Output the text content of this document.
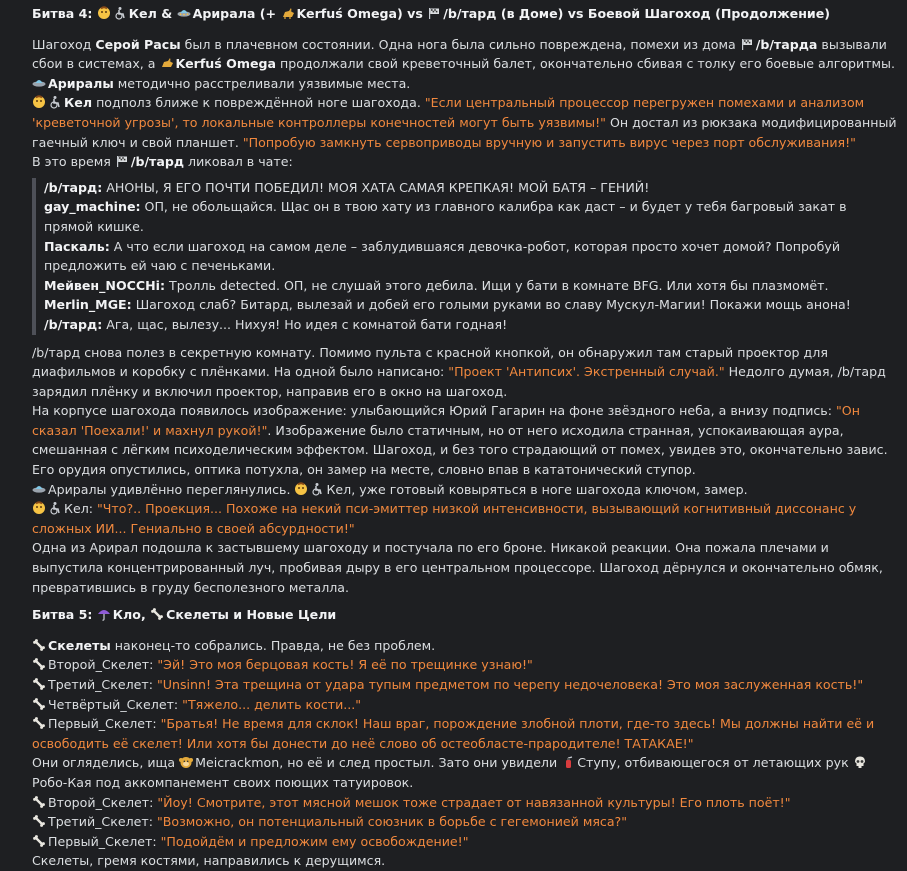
Битва 4:	Кел &
Арирала (+
Kerfuś Omega) vs
/b/тард (в Доме) vs Боевой Шагоход (Продолжение)

Шагоход Серой Расы был в плачевном состоянии. Одна нога была сильно повреждена, помехи из дома
/b/тарда вызывали сбои в системах, а
Kerfuś Omega продолжали свой креветочный балет, окончательно сбивая с толку его боевые алгоритмы.
Ариралы методично расстреливали уязвимые места.

Кел подполз ближе к повреждённой ноге шагохода. "Если центральный процессор перегружен помехами и анализом 'креветочной угрозы', то локальные контроллеры конечностей могут быть уязвимы!" Он достал из рюкзака модифицированный гаечный ключ и свой планшет. "Попробую замкнуть сервоприводы вручную и запустить вирус через порт обслуживания!"

В это время
/b/тард ликовал в чате:

/b/тард: АНОНЫ, Я ЕГО ПОЧТИ ПОБЕДИЛ! МОЯ ХАТА САМАЯ КРЕПКАЯ! МОЙ БАТЯ – ГЕНИЙ!
gay_machine: ОП, не обольщайся. Щас он в твою хату из главного калибра как даст – и будет у тебя багровый закат в прямой кишке.
Паскаль: А что если шагоход на самом деле – заблудившаяся девочка-робот, которая просто хочет домой? Попробуй предложить ей чаю с печеньками.
Мейвен_NOCCHi: Тролль detected. ОП, не слушай этого дебила. Ищи у бати в комнате BFG. Или хотя бы плазмомёт.
Merlin_MGE: Шагоход слаб? Битард, вылезай и добей его голыми руками во славу Мускул-Магии! Покажи мощь анона!
/b/тард: Ага, щас, вылезу... Нихуя! Но идея с комнатой бати годная!

/b/тард снова полез в секретную комнату. Помимо пульта с красной кнопкой, он обнаружил там старый проектор для диафильмов и коробку с плёнками. На одной было написано: "Проект 'Антипсих'. Экстренный случай." Недолго думая, /b/тард зарядил плёнку и включил проектор, направив его в окно на шагоход.

На корпусе шагохода появилось изображение: улыбающийся Юрий Гагарин на фоне звёздного неба, а внизу подпись: "Он сказал 'Поехали!' и махнул рукой!". Изображение было статичным, но от него исходила странная, успокаивающая аура, смешанная с лёгким психоделическим эффектом. Шагоход, и без того страдающий от помех, увидев это, окончательно завис. Его орудия опустились, оптика потухла, он замер на месте, словно впав в кататонический ступор.

Ариралы удивлённо переглянулись.	Кел, уже готовый ковыряться в ноге шагохода ключом, замер.

Кел: "Что?.. Проекция... Похоже на некий пси-эмиттер низкой интенсивности, вызывающий когнитивный диссонанс у сложных ИИ... Гениально в своей абсурдности!"

Одна из Арирал подошла к застывшему шагоходу и постучала по его броне. Никакой реакции. Она пожала плечами и выпустила концентрированный луч, пробивая дыру в его центральном процессоре. Шагоход дёрнулся и окончательно обмяк, превратившись в груду бесполезного металла.

Битва 5:
Кло,
Скелеты и Новые Цели

Скелеты наконец-то собрались. Правда, не без проблем.

Второй_Скелет: "Эй! Это моя берцовая кость! Я её по трещинке узнаю!"

Третий_Скелет: "Unsinn! Эта трещина от удара тупым предметом по черепу недочеловека! Это моя заслуженная кость!"

Четвёртый_Скелет: "Тяжело... делить кости..."

Первый_Скелет: "Братья! Не время для склок! Наш враг, порождение злобной плоти, где-то здесь! Мы должны найти её и освободить её скелет! Или хотя бы донести до неё слово об остеобласте-прародителе! ТАТАКАЕ!"

Они огляделись, ища
Meicrackmon, но её и след простыл. Зато они увидели
Ступу, отбивающегося от летающих рук
Робо-Кая под аккомпанемент своих поющих татуировок.

Второй_Скелет: "Йоу! Смотрите, этот мясной мешок тоже страдает от навязанной культуры! Его плоть поёт!"

Третий_Скелет: "Возможно, он потенциальный союзник в борьбе с гегемонией мяса?"

Первый_Скелет: "Подойдём и предложим ему освобождение!"

Скелеты, гремя костями, направились к дерущимся.
